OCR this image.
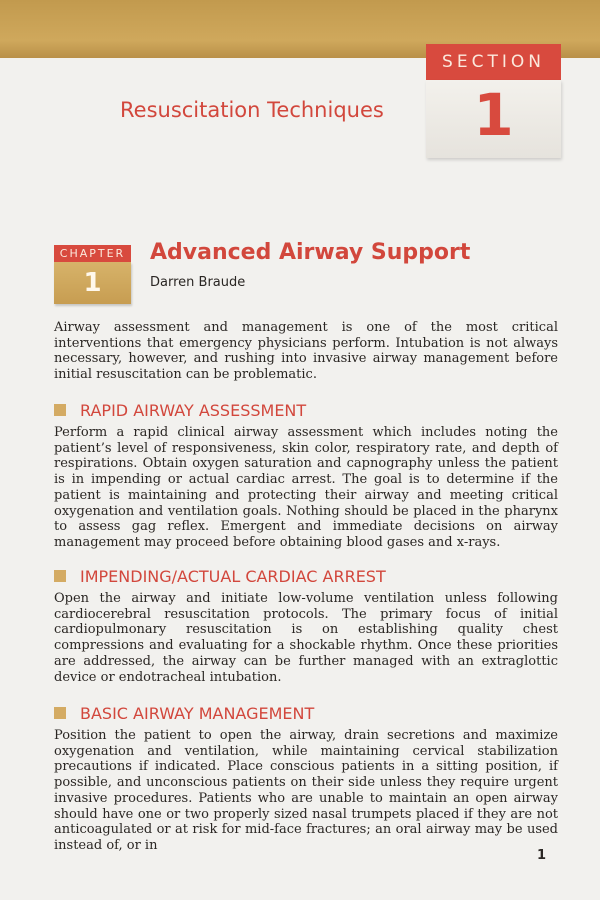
SECTION
1
Resuscitation Techniques
CHAPTER
1
Advanced Airway Support
Darren Braude

Airway assessment and management is one of the most critical interventions that emergency physicians perform. Intubation is not always necessary, however, and rushing into invasive airway management before initial resuscitation can be problematic.

RAPID AIRWAY ASSESSMENT

Perform a rapid clinical airway assessment which includes noting the patient’s level of responsiveness, skin color, respiratory rate, and depth of respirations. Obtain oxygen saturation and capnography unless the patient is in impending or actual cardiac arrest. The goal is to determine if the patient is maintaining and protecting their airway and meeting critical oxygenation and ventilation goals. Nothing should be placed in the pharynx to assess gag reflex. Emergent and immediate decisions on airway management may proceed before obtaining blood gases and x-rays.

IMPENDING/ACTUAL CARDIAC ARREST

Open the airway and initiate low-volume ventilation unless following cardiocerebral resuscitation protocols. The primary focus of initial cardiopulmonary resuscitation is on establishing quality chest compressions and evaluating for a shockable rhythm. Once these priorities are addressed, the airway can be further managed with an extraglottic device or endotracheal intubation.

BASIC AIRWAY MANAGEMENT

Position the patient to open the airway, drain secretions and maximize oxygenation and ventilation, while maintaining cervical stabilization precautions if indicated. Place conscious patients in a sitting position, if possible, and unconscious patients on their side unless they require urgent invasive procedures. Patients who are unable to maintain an open airway should have one or two properly sized nasal trumpets placed if they are not anticoagulated or at risk for mid-face fractures; an oral airway may be used instead of, or in

1
